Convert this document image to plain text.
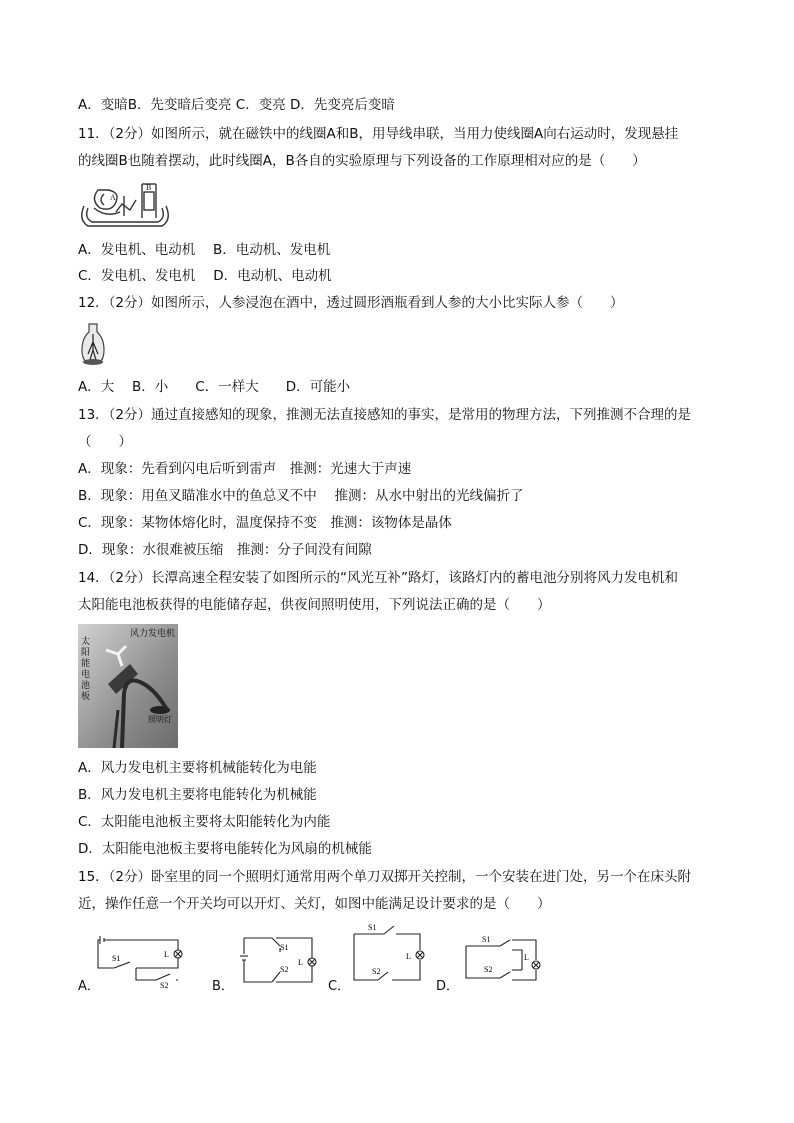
A．变暗B．先变暗后变亮 C．变亮 D．先变亮后变暗
11．（2分）如图所示，就在磁铁中的线圈A和B，用导线串联，当用力使线圈A向右运动时，发现悬挂
的线圈B也随着摆动，此时线圈A，B各自的实验原理与下列设备的工作原理相对应的是（　　）
A
B
A．发电机、电动机　 B．电动机、发电机
C．发电机、发电机　 D．电动机、电动机
12．（2分）如图所示，人参浸泡在酒中，透过圆形酒瓶看到人参的大小比实际人参（　　）
A．大　 B．小　　C．一样大　　D．可能小
13．（2分）通过直接感知的现象，推测无法直接感知的事实，是常用的物理方法，下列推测不合理的是
（　　）
A．现象：先看到闪电后听到雷声　推测：光速大于声速
B．现象：用鱼叉瞄准水中的鱼总叉不中　 推测：从水中射出的光线偏折了
C．现象：某物体熔化时，温度保持不变　推测：该物体是晶体
D．现象：水很难被压缩　推测：分子间没有间隙
14．（2分）长潭高速全程安装了如图所示的“风光互补”路灯，该路灯内的蓄电池分别将风力发电机和
太阳能电池板获得的电能储存起，供夜间照明使用，下列说法正确的是（　　）
风力发电机
照明灯
太 阳 能 电 池 板
A．风力发电机主要将机械能转化为电能
B．风力发电机主要将电能转化为机械能
C．太阳能电池板主要将太阳能转化为内能
D．太阳能电池板主要将电能转化为风扇的机械能
15．（2分）卧室里的同一个照明灯通常用两个单刀双掷开关控制，一个安装在进门处，另一个在床头附
近，操作任意一个开关均可以开灯、关灯，如图中能满足设计要求的是（　　）
A．
S1
S2
L
B．
S1
S2
L
C．
S1
S2
L
D．
S1
S2
L
